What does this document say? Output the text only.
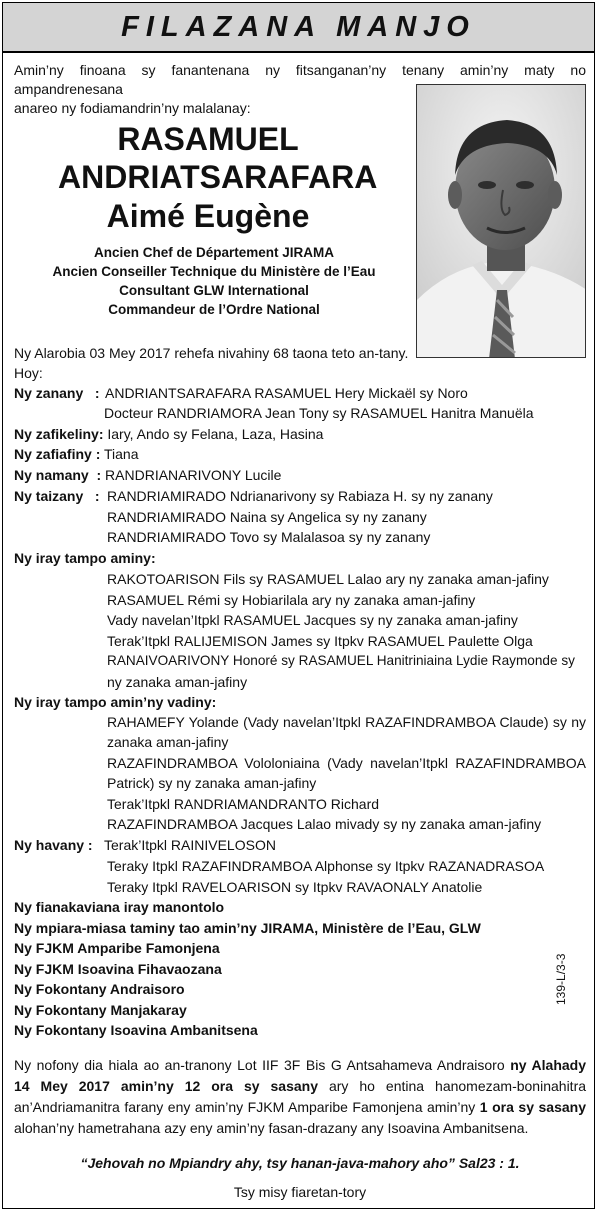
FILAZANA MANJO
Amin’ny finoana sy fanantenana ny fitsanganan’ny tenany amin’ny maty no ampandrenesana
anareo ny fodiamandrin’ny malalanay:
RASAMUEL
ANDRIATSARAFARA
Aimé Eugène
Ancien Chef de Département JIRAMA
Ancien Conseiller Technique du Ministère de l’Eau
Consultant GLW International
Commandeur de l’Ordre National
Ny Alarobia 03 Mey 2017 rehefa nivahiny 68 taona teto an-tany.
Hoy:
Ny zanany   : ANDRIANTSARAFARA RASAMUEL Hery Mickaël sy Noro
Docteur RANDRIAMORA Jean Tony sy RASAMUEL Hanitra Manuëla
Ny zafikeliny: Iary, Ando sy Felana, Laza, Hasina
Ny zafiafiny : Tiana
Ny namany  : RANDRIANARIVONY Lucile
Ny taizany   : RANDRIAMIRADO Ndrianarivony sy Rabiaza H. sy ny zanany
RANDRIAMIRADO Naina sy Angelica sy ny zanany
RANDRIAMIRADO Tovo sy Malalasoa sy ny zanany
Ny iray tampo aminy:
RAKOTOARISON Fils sy RASAMUEL Lalao ary ny zanaka aman-jafiny
RASAMUEL Rémi sy Hobiarilala ary ny zanaka aman-jafiny
Vady navelan’Itpkl RASAMUEL Jacques sy ny zanaka aman-jafiny
Terak’Itpkl RALIJEMISON James sy Itpkv RASAMUEL Paulette Olga
RANAIVOARIVONY Honoré sy RASAMUEL Hanitriniaina Lydie Raymonde sy
ny zanaka aman-jafiny
Ny iray tampo amin’ny vadiny:
RAHAMEFY Yolande (Vady navelan’Itpkl RAZAFINDRAMBOA Claude) sy ny
zanaka aman-jafiny
RAZAFINDRAMBOA Vololoniaina (Vady navelan’Itpkl RAZAFINDRAMBOA
Patrick) sy ny zanaka aman-jafiny
Terak’Itpkl RANDRIAMANDRANTO Richard
RAZAFINDRAMBOA Jacques Lalao mivady sy ny zanaka aman-jafiny
Ny havany : Terak’Itpkl RAINIVELOSON
Teraky Itpkl RAZAFINDRAMBOA Alphonse sy Itpkv RAZANADRASOA
Teraky Itpkl RAVELOARISON sy Itpkv RAVAONALY Anatolie
Ny fianakaviana iray manontolo
Ny mpiara-miasa taminy tao amin’ny JIRAMA, Ministère de l’Eau, GLW
Ny FJKM Amparibe Famonjena
Ny FJKM Isoavina Fihavaozana
Ny Fokontany Andraisoro
Ny Fokontany Manjakaray
Ny Fokontany Isoavina Ambanitsena
139-L/3-3
Ny nofony dia hiala ao an-tranony Lot IIF 3F Bis G Antsahameva Andraisoro ny Alahady
14 Mey 2017 amin’ny 12 ora sy sasany ary ho entina hanomezam-boninahitra
an’Andriamanitra farany eny amin’ny FJKM Amparibe Famonjena amin’ny 1 ora sy sasany
alohan’ny hametrahana azy eny amin’ny fasan-drazany any Isoavina Ambanitsena.
“Jehovah no Mpiandry ahy, tsy hanan-java-mahory aho” Sal23 : 1.
Tsy misy fiaretan-tory
